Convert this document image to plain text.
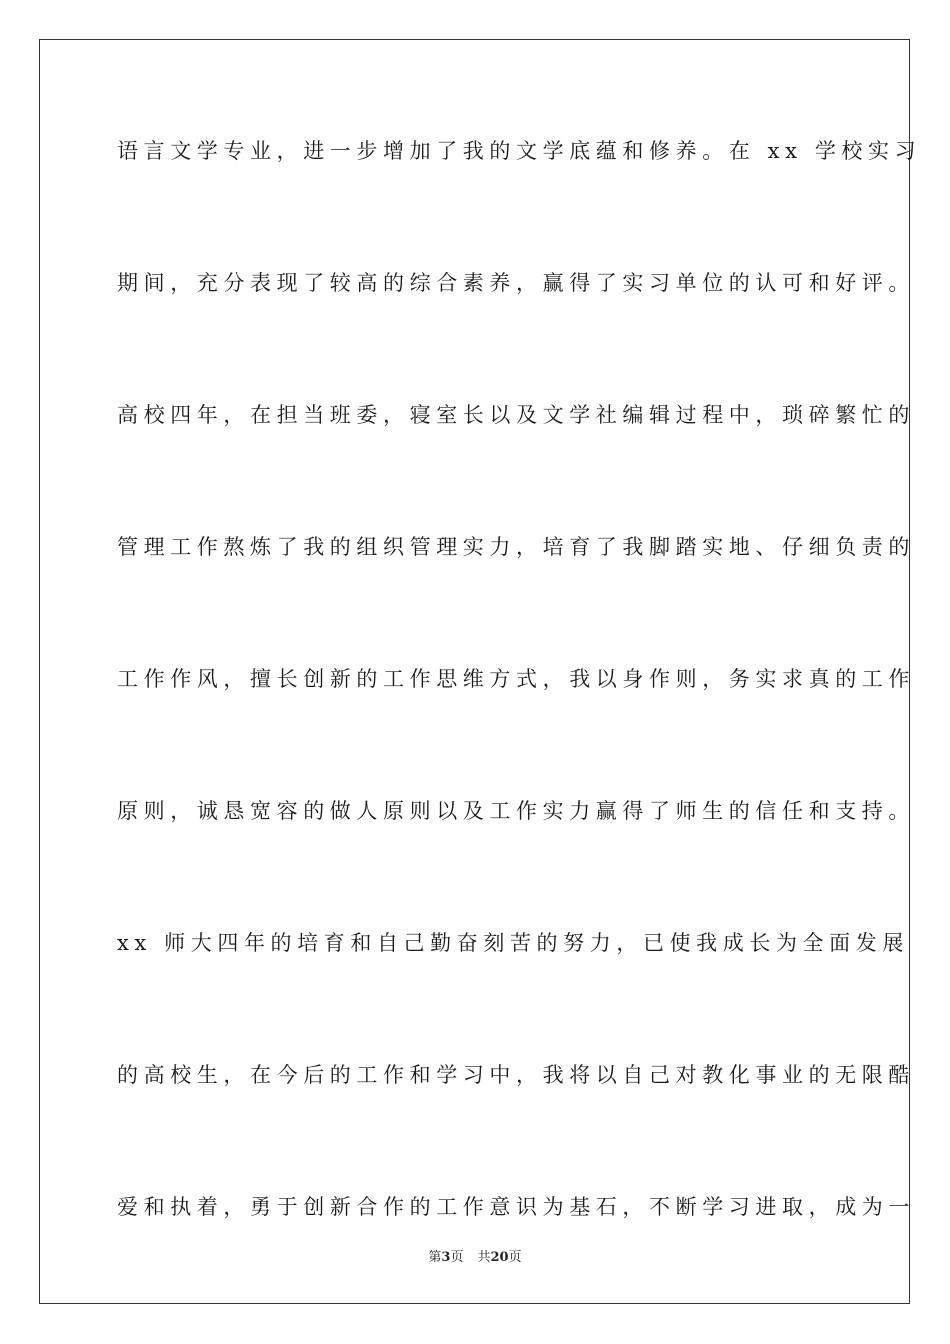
语言文学专业，进一步增加了我的文学底蕴和修养。在 xx 学校实习
期间，充分表现了较高的综合素养，赢得了实习单位的认可和好评。
高校四年，在担当班委，寝室长以及文学社编辑过程中，琐碎繁忙的
管理工作熬炼了我的组织管理实力，培育了我脚踏实地、仔细负责的
工作作风，擅长创新的工作思维方式，我以身作则，务实求真的工作
原则，诚恳宽容的做人原则以及工作实力赢得了师生的信任和支持。
xx 师大四年的培育和自己勤奋刻苦的努力，已使我成长为全面发展
的高校生，在今后的工作和学习中，我将以自己对教化事业的无限酷
爱和执着，勇于创新合作的工作意识为基石，不断学习进取，成为一
第3页 共20页
